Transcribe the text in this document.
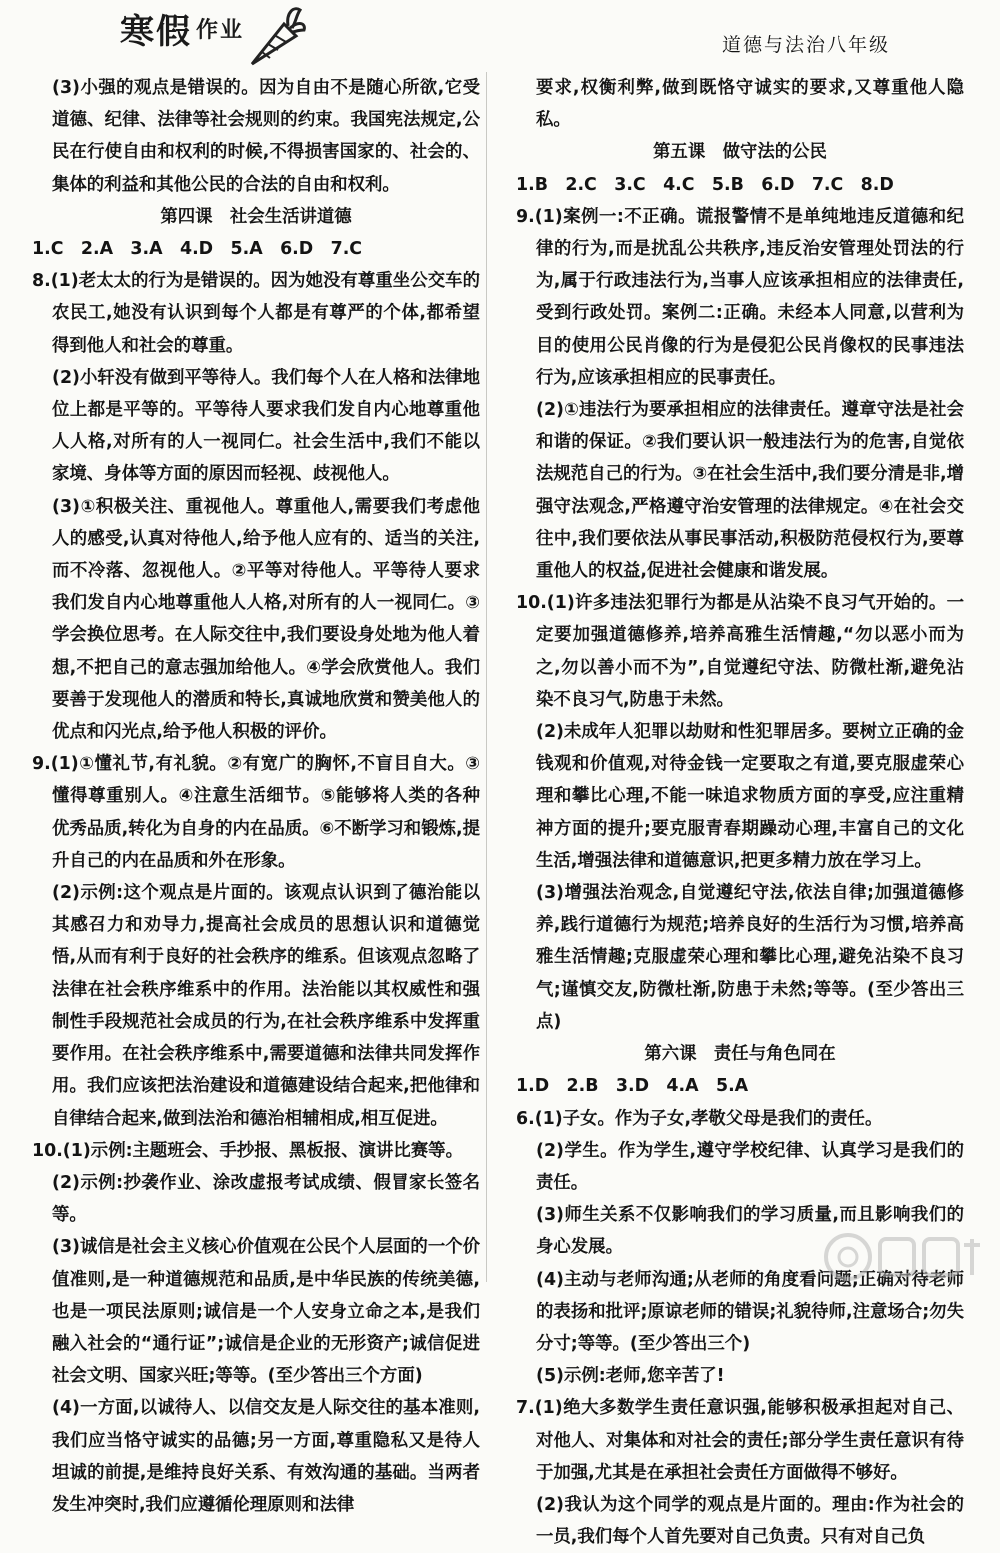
寒假 作业
道德与法治八年级

(3)小强的观点是错误的。因为自由不是随心所欲,它受道德、纪律、法律等社会规则的约束。我国宪法规定,公民在行使自由和权利的时候,不得损害国家的、社会的、集体的利益和其他公民的合法的自由和权利。

第四课　社会生活讲道德

1.C　2.A　3.A　4.D　5.A　6.D　7.C

8.(1)老太太的行为是错误的。因为她没有尊重坐公交车的农民工,她没有认识到每个人都是有尊严的个体,都希望得到他人和社会的尊重。

(2)小轩没有做到平等待人。我们每个人在人格和法律地位上都是平等的。平等待人要求我们发自内心地尊重他人人格,对所有的人一视同仁。社会生活中,我们不能以家境、身体等方面的原因而轻视、歧视他人。

(3)①积极关注、重视他人。尊重他人,需要我们考虑他人的感受,认真对待他人,给予他人应有的、适当的关注,而不冷落、忽视他人。②平等对待他人。平等待人要求我们发自内心地尊重他人人格,对所有的人一视同仁。③学会换位思考。在人际交往中,我们要设身处地为他人着想,不把自己的意志强加给他人。④学会欣赏他人。我们要善于发现他人的潜质和特长,真诚地欣赏和赞美他人的优点和闪光点,给予他人积极的评价。

9.(1)①懂礼节,有礼貌。②有宽广的胸怀,不盲目自大。③懂得尊重别人。④注意生活细节。⑤能够将人类的各种优秀品质,转化为自身的内在品质。⑥不断学习和锻炼,提升自己的内在品质和外在形象。

(2)示例:这个观点是片面的。该观点认识到了德治能以其感召力和劝导力,提高社会成员的思想认识和道德觉悟,从而有利于良好的社会秩序的维系。但该观点忽略了法律在社会秩序维系中的作用。法治能以其权威性和强制性手段规范社会成员的行为,在社会秩序维系中发挥重要作用。在社会秩序维系中,需要道德和法律共同发挥作用。我们应该把法治建设和道德建设结合起来,把他律和自律结合起来,做到法治和德治相辅相成,相互促进。

10.(1)示例:主题班会、手抄报、黑板报、演讲比赛等。

(2)示例:抄袭作业、涂改虚报考试成绩、假冒家长签名等。

(3)诚信是社会主义核心价值观在公民个人层面的一个价值准则,是一种道德规范和品质,是中华民族的传统美德,也是一项民法原则;诚信是一个人安身立命之本,是我们融入社会的“通行证”;诚信是企业的无形资产;诚信促进社会文明、国家兴旺;等等。(至少答出三个方面)

(4)一方面,以诚待人、以信交友是人际交往的基本准则,我们应当恪守诚实的品德;另一方面,尊重隐私又是待人坦诚的前提,是维持良好关系、有效沟通的基础。当两者发生冲突时,我们应遵循伦理原则和法律

要求,权衡利弊,做到既恪守诚实的要求,又尊重他人隐私。

第五课　做守法的公民

1.B　2.C　3.C　4.C　5.B　6.D　7.C　8.D

9.(1)案例一:不正确。谎报警情不是单纯地违反道德和纪律的行为,而是扰乱公共秩序,违反治安管理处罚法的行为,属于行政违法行为,当事人应该承担相应的法律责任,受到行政处罚。案例二:正确。未经本人同意,以营利为目的使用公民肖像的行为是侵犯公民肖像权的民事违法行为,应该承担相应的民事责任。

(2)①违法行为要承担相应的法律责任。遵章守法是社会和谐的保证。②我们要认识一般违法行为的危害,自觉依法规范自己的行为。③在社会生活中,我们要分清是非,增强守法观念,严格遵守治安管理的法律规定。④在社会交往中,我们要依法从事民事活动,积极防范侵权行为,要尊重他人的权益,促进社会健康和谐发展。

10.(1)许多违法犯罪行为都是从沾染不良习气开始的。一定要加强道德修养,培养高雅生活情趣,“勿以恶小而为之,勿以善小而不为”,自觉遵纪守法、防微杜渐,避免沾染不良习气,防患于未然。

(2)未成年人犯罪以劫财和性犯罪居多。要树立正确的金钱观和价值观,对待金钱一定要取之有道,要克服虚荣心理和攀比心理,不能一味追求物质方面的享受,应注重精神方面的提升;要克服青春期躁动心理,丰富自己的文化生活,增强法律和道德意识,把更多精力放在学习上。

(3)增强法治观念,自觉遵纪守法,依法自律;加强道德修养,践行道德行为规范;培养良好的生活行为习惯,培养高雅生活情趣;克服虚荣心理和攀比心理,避免沾染不良习气;谨慎交友,防微杜渐,防患于未然;等等。(至少答出三点)

第六课　责任与角色同在

1.D　2.B　3.D　4.A　5.A

6.(1)子女。作为子女,孝敬父母是我们的责任。

(2)学生。作为学生,遵守学校纪律、认真学习是我们的责任。

(3)师生关系不仅影响我们的学习质量,而且影响我们的身心发展。

(4)主动与老师沟通;从老师的角度看问题;正确对待老师的表扬和批评;原谅老师的错误;礼貌待师,注意场合;勿失分寸;等等。(至少答出三个)

(5)示例:老师,您辛苦了!

7.(1)绝大多数学生责任意识强,能够积极承担起对自己、对他人、对集体和对社会的责任;部分学生责任意识有待于加强,尤其是在承担社会责任方面做得不够好。

(2)我认为这个同学的观点是片面的。理由:作为社会的一员,我们每个人首先要对自己负责。只有对自己负
